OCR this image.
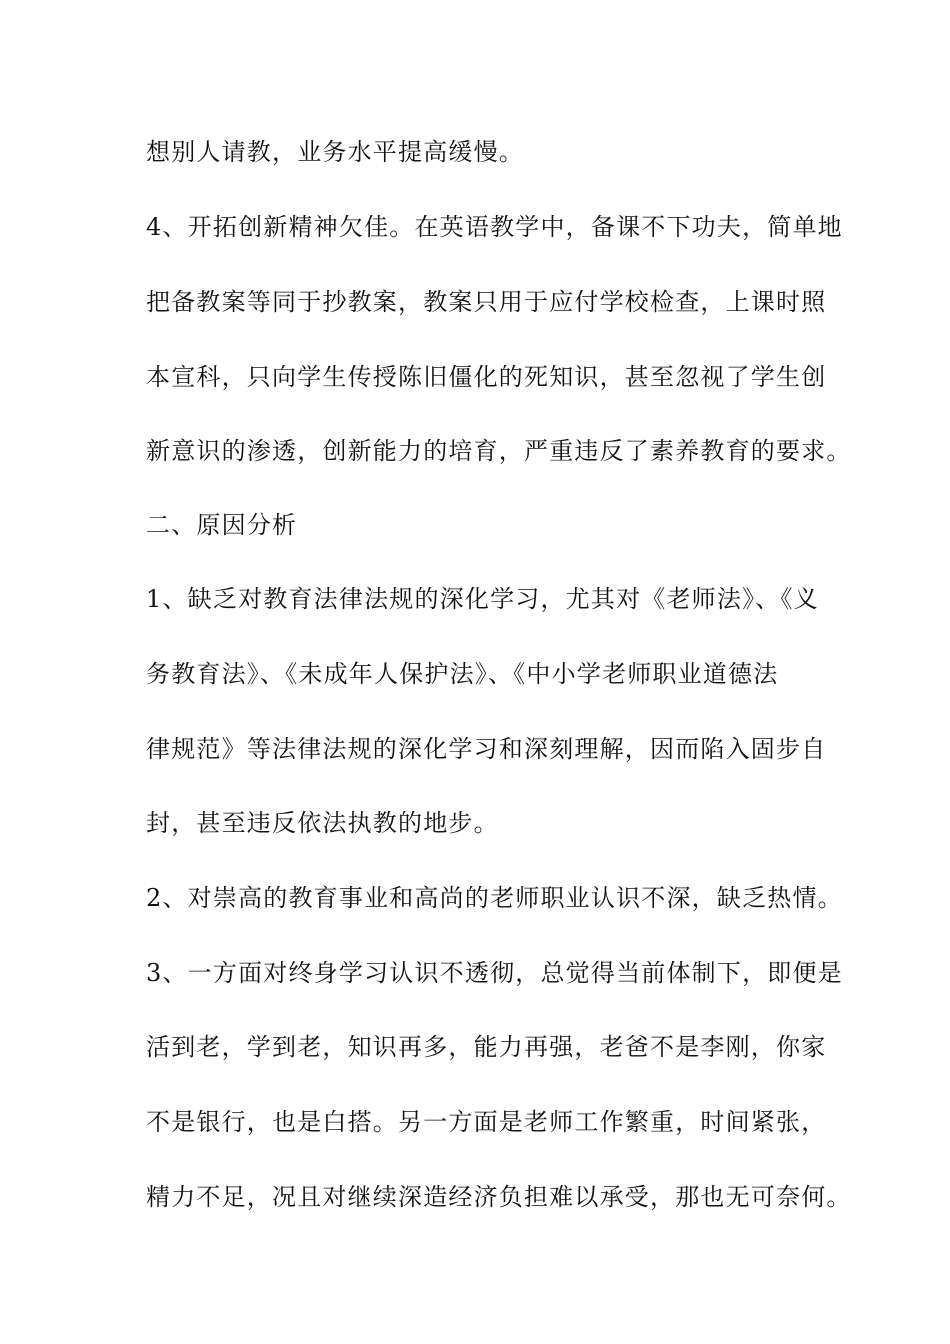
想别人请教，业务水平提高缓慢。
4、开拓创新精神欠佳。在英语教学中，备课不下功夫，简单地
把备教案等同于抄教案，教案只用于应付学校检查，上课时照
本宣科，只向学生传授陈旧僵化的死知识，甚至忽视了学生创
新意识的渗透，创新能力的培育，严重违反了素养教育的要求。
二、原因分析
1、缺乏对教育法律法规的深化学习，尤其对《老师法》、《义
务教育法》、《未成年人保护法》、《中小学老师职业道德法
律规范》等法律法规的深化学习和深刻理解，因而陷入固步自
封，甚至违反依法执教的地步。
2、对崇高的教育事业和高尚的老师职业认识不深，缺乏热情。
3、一方面对终身学习认识不透彻，总觉得当前体制下，即便是
活到老，学到老，知识再多，能力再强，老爸不是李刚，你家
不是银行，也是白搭。另一方面是老师工作繁重，时间紧张，
精力不足，况且对继续深造经济负担难以承受，那也无可奈何。
